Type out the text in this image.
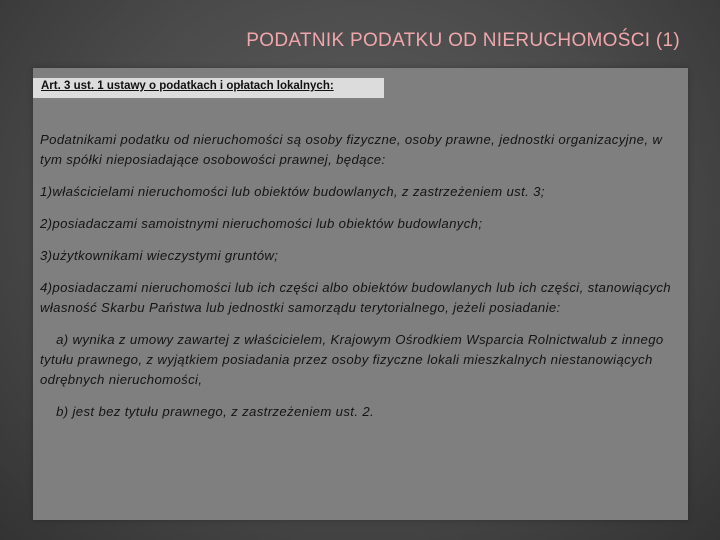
PODATNIK PODATKU OD NIERUCHOMOŚCI (1)
Art. 3 ust. 1 ustawy o podatkach i opłatach lokalnych:

Podatnikami podatku od nieruchomości są osoby fizyczne, osoby prawne, jednostki organizacyjne, w tym spółki nieposiadające osobowości prawnej, będące:

1)właścicielami nieruchomości lub obiektów budowlanych, z zastrzeżeniem ust. 3;

2)posiadaczami samoistnymi nieruchomości lub obiektów budowlanych;

3)użytkownikami wieczystymi gruntów;

4)posiadaczami nieruchomości lub ich części albo obiektów budowlanych lub ich części, stanowiących własność Skarbu Państwa lub jednostki samorządu terytorialnego, jeżeli posiadanie:

a) wynika z umowy zawartej z właścicielem, Krajowym Ośrodkiem Wsparcia Rolnictwalub z innego tytułu prawnego, z wyjątkiem posiadania przez osoby fizyczne lokali mieszkalnych niestanowiących odrębnych nieruchomości,

b) jest bez tytułu prawnego, z zastrzeżeniem ust. 2.
